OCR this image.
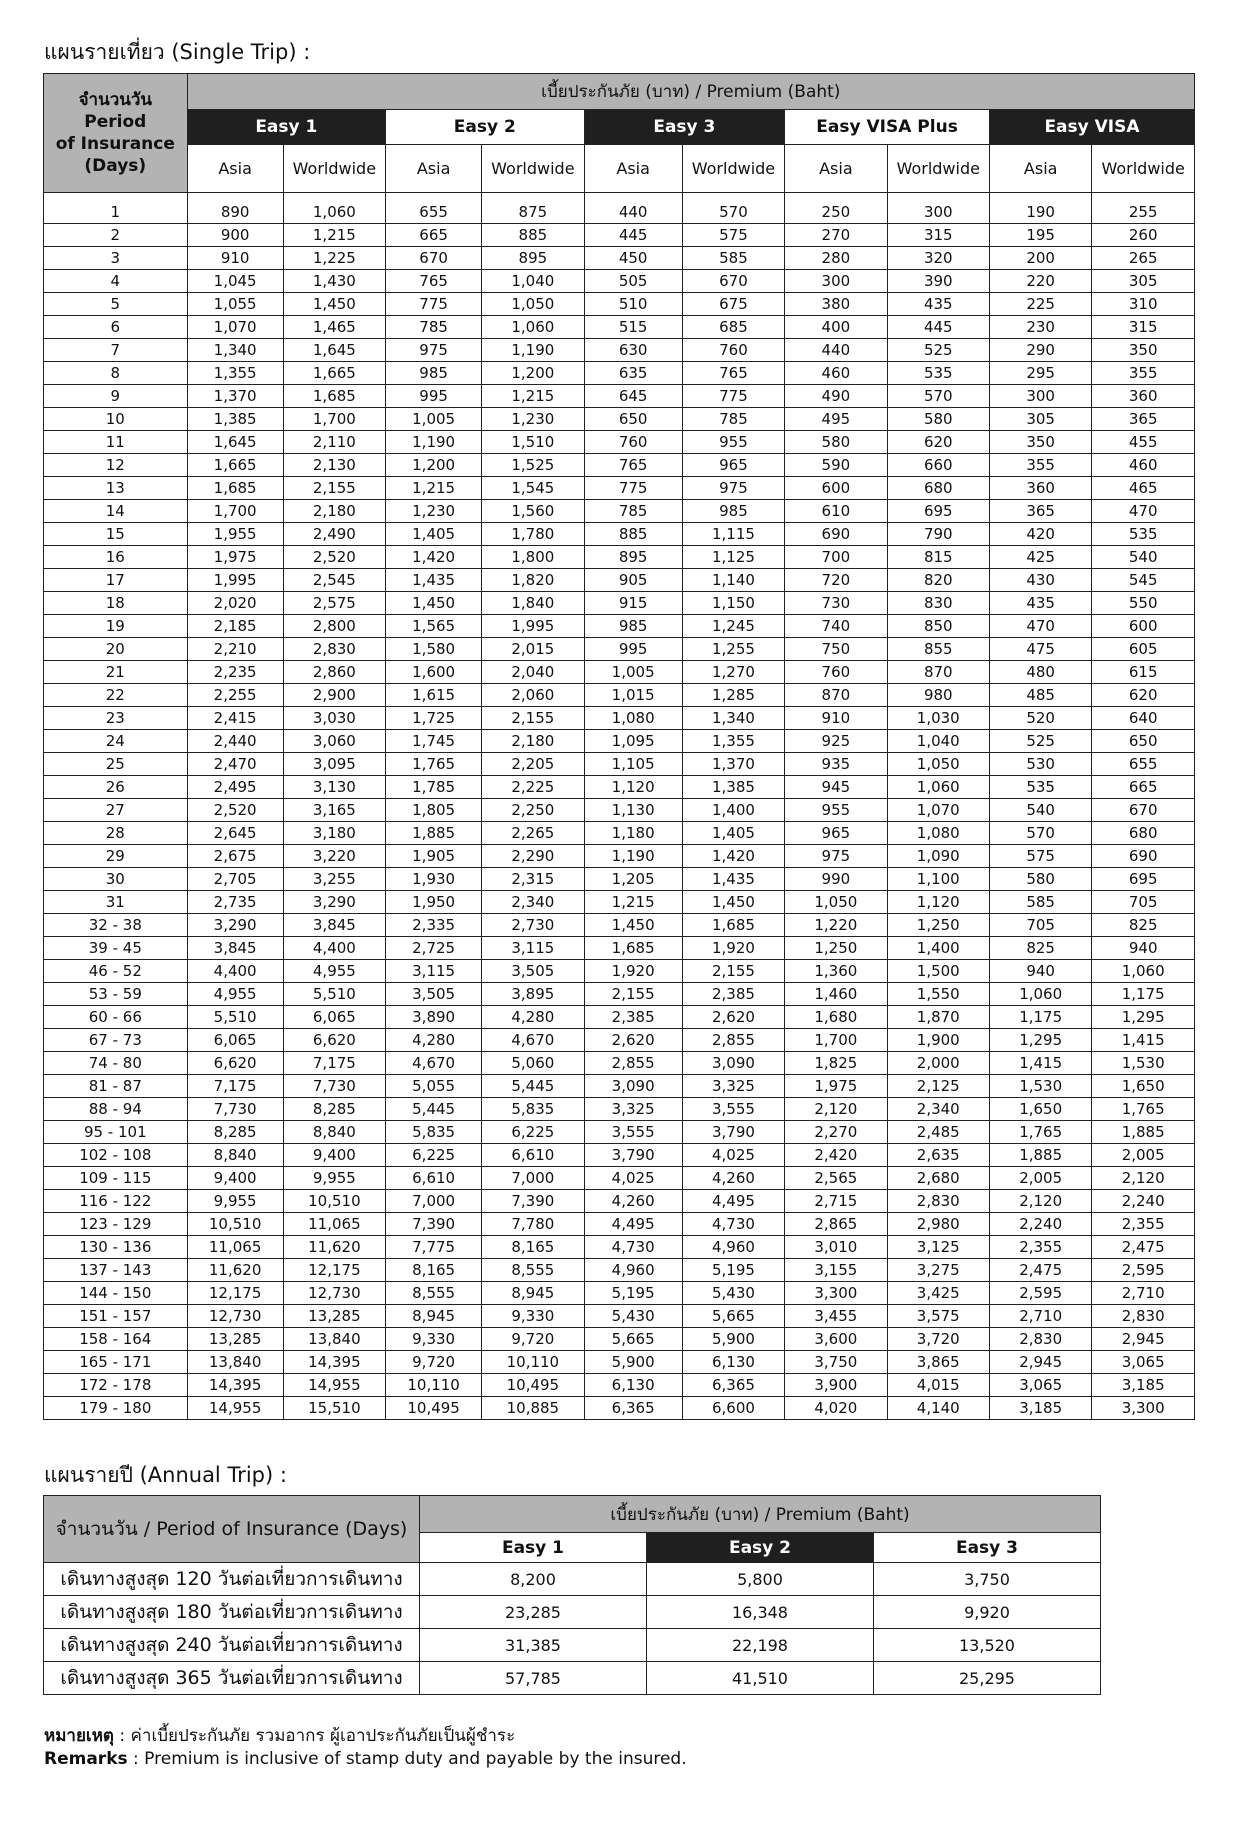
แผนรายเที่ยว (Single Trip) :
จำนวนวัน
Period
of Insurance
(Days)	เบี้ยประกันภัย (บาท) / Premium (Baht)									
	Easy 1		Easy 2		Easy 3		Easy VISA Plus		Easy VISA	
	Asia	Worldwide	Asia	Worldwide	Asia	Worldwide	Asia	Worldwide	Asia	Worldwide
1	890	1,060	655	875	440	570	250	300	190	255
2	900	1,215	665	885	445	575	270	315	195	260
3	910	1,225	670	895	450	585	280	320	200	265
4	1,045	1,430	765	1,040	505	670	300	390	220	305
5	1,055	1,450	775	1,050	510	675	380	435	225	310
6	1,070	1,465	785	1,060	515	685	400	445	230	315
7	1,340	1,645	975	1,190	630	760	440	525	290	350
8	1,355	1,665	985	1,200	635	765	460	535	295	355
9	1,370	1,685	995	1,215	645	775	490	570	300	360
10	1,385	1,700	1,005	1,230	650	785	495	580	305	365
11	1,645	2,110	1,190	1,510	760	955	580	620	350	455
12	1,665	2,130	1,200	1,525	765	965	590	660	355	460
13	1,685	2,155	1,215	1,545	775	975	600	680	360	465
14	1,700	2,180	1,230	1,560	785	985	610	695	365	470
15	1,955	2,490	1,405	1,780	885	1,115	690	790	420	535
16	1,975	2,520	1,420	1,800	895	1,125	700	815	425	540
17	1,995	2,545	1,435	1,820	905	1,140	720	820	430	545
18	2,020	2,575	1,450	1,840	915	1,150	730	830	435	550
19	2,185	2,800	1,565	1,995	985	1,245	740	850	470	600
20	2,210	2,830	1,580	2,015	995	1,255	750	855	475	605
21	2,235	2,860	1,600	2,040	1,005	1,270	760	870	480	615
22	2,255	2,900	1,615	2,060	1,015	1,285	870	980	485	620
23	2,415	3,030	1,725	2,155	1,080	1,340	910	1,030	520	640
24	2,440	3,060	1,745	2,180	1,095	1,355	925	1,040	525	650
25	2,470	3,095	1,765	2,205	1,105	1,370	935	1,050	530	655
26	2,495	3,130	1,785	2,225	1,120	1,385	945	1,060	535	665
27	2,520	3,165	1,805	2,250	1,130	1,400	955	1,070	540	670
28	2,645	3,180	1,885	2,265	1,180	1,405	965	1,080	570	680
29	2,675	3,220	1,905	2,290	1,190	1,420	975	1,090	575	690
30	2,705	3,255	1,930	2,315	1,205	1,435	990	1,100	580	695
31	2,735	3,290	1,950	2,340	1,215	1,450	1,050	1,120	585	705
32 - 38	3,290	3,845	2,335	2,730	1,450	1,685	1,220	1,250	705	825
39 - 45	3,845	4,400	2,725	3,115	1,685	1,920	1,250	1,400	825	940
46 - 52	4,400	4,955	3,115	3,505	1,920	2,155	1,360	1,500	940	1,060
53 - 59	4,955	5,510	3,505	3,895	2,155	2,385	1,460	1,550	1,060	1,175
60 - 66	5,510	6,065	3,890	4,280	2,385	2,620	1,680	1,870	1,175	1,295
67 - 73	6,065	6,620	4,280	4,670	2,620	2,855	1,700	1,900	1,295	1,415
74 - 80	6,620	7,175	4,670	5,060	2,855	3,090	1,825	2,000	1,415	1,530
81 - 87	7,175	7,730	5,055	5,445	3,090	3,325	1,975	2,125	1,530	1,650
88 - 94	7,730	8,285	5,445	5,835	3,325	3,555	2,120	2,340	1,650	1,765
95 - 101	8,285	8,840	5,835	6,225	3,555	3,790	2,270	2,485	1,765	1,885
102 - 108	8,840	9,400	6,225	6,610	3,790	4,025	2,420	2,635	1,885	2,005
109 - 115	9,400	9,955	6,610	7,000	4,025	4,260	2,565	2,680	2,005	2,120
116 - 122	9,955	10,510	7,000	7,390	4,260	4,495	2,715	2,830	2,120	2,240
123 - 129	10,510	11,065	7,390	7,780	4,495	4,730	2,865	2,980	2,240	2,355
130 - 136	11,065	11,620	7,775	8,165	4,730	4,960	3,010	3,125	2,355	2,475
137 - 143	11,620	12,175	8,165	8,555	4,960	5,195	3,155	3,275	2,475	2,595
144 - 150	12,175	12,730	8,555	8,945	5,195	5,430	3,300	3,425	2,595	2,710
151 - 157	12,730	13,285	8,945	9,330	5,430	5,665	3,455	3,575	2,710	2,830
158 - 164	13,285	13,840	9,330	9,720	5,665	5,900	3,600	3,720	2,830	2,945
165 - 171	13,840	14,395	9,720	10,110	5,900	6,130	3,750	3,865	2,945	3,065
172 - 178	14,395	14,955	10,110	10,495	6,130	6,365	3,900	4,015	3,065	3,185
179 - 180	14,955	15,510	10,495	10,885	6,365	6,600	4,020	4,140	3,185	3,300
แผนรายปี (Annual Trip) :
จำนวนวัน / Period of Insurance (Days)	เบี้ยประกันภัย (บาท) / Premium (Baht)		
	Easy 1	Easy 2	Easy 3
เดินทางสูงสุด 120 วันต่อเที่ยวการเดินทาง	8,200	5,800	3,750
เดินทางสูงสุด 180 วันต่อเที่ยวการเดินทาง	23,285	16,348	9,920
เดินทางสูงสุด 240 วันต่อเที่ยวการเดินทาง	31,385	22,198	13,520
เดินทางสูงสุด 365 วันต่อเที่ยวการเดินทาง	57,785	41,510	25,295
หมายเหตุ : ค่าเบี้ยประกันภัย รวมอากร ผู้เอาประกันภัยเป็นผู้ชำระ
Remarks : Premium is inclusive of stamp duty and payable by the insured.
